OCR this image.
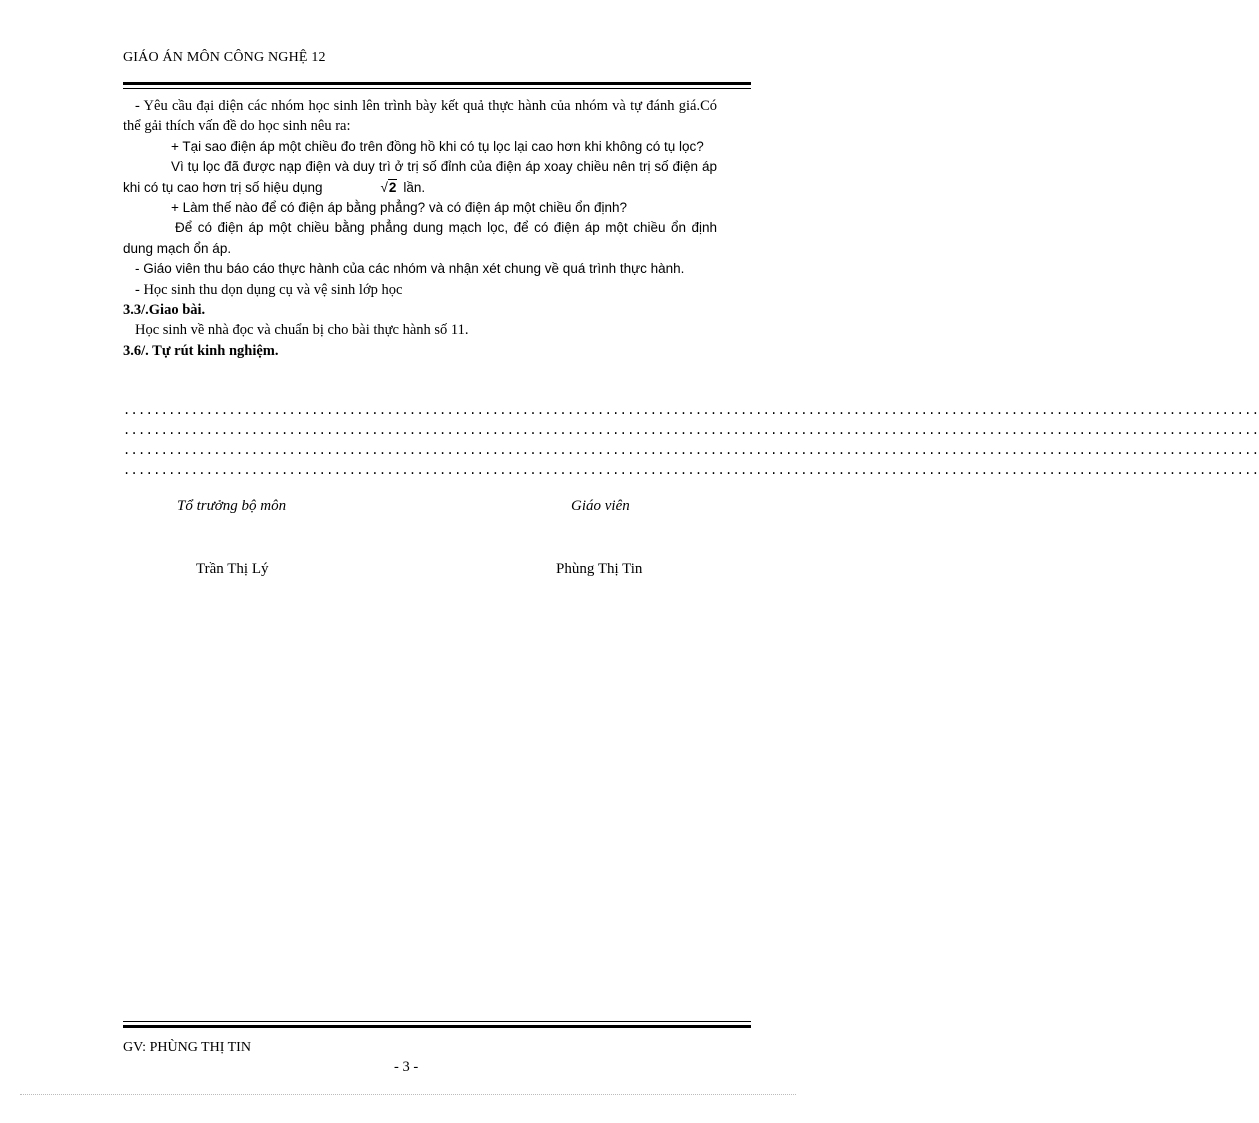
GIÁO ÁN MÔN CÔNG NGHỆ 12

- Yêu cầu đại diện các nhóm học sinh lên trình bày kết quả thực hành của nhóm và tự đánh giá.Có thể gải thích vấn đề do học sinh nêu ra:

+ Tại sao điện áp một chiều đo trên đồng hồ khi có tụ lọc lại cao hơn khi không có tụ lọc?

Vì tụ lọc đã được nạp điện và duy trì ở trị số đỉnh của điện áp xoay chiều nên trị số điện áp khi có tụ cao hơn trị số hiệu dụng	√2 lần.

+ Làm thế nào để có điện áp bằng phẳng? và có điện áp một chiều ổn định?

Để có điện áp một chiều bằng phẳng dung mạch lọc, để có điện áp một chiều ổn định dung mạch ổn áp.

- Giáo viên thu báo cáo thực hành của các nhóm và nhận xét chung về quá trình thực hành.

- Học sinh thu dọn dụng cụ và vệ sinh lớp học

3.3/.Giao bài.

Học sinh về nhà đọc và chuẩn bị cho bài thực hành số 11.

3.6/. Tự rút kinh nghiệm.

.......................................................................................................................................................
.......................................................................................................................................................
.......................................................................................................................................................
.......................................................................................................................................................
Tổ trưởng bộ môn	Giáo viên
Trần Thị Lý	Phùng Thị Tin
GV: PHÙNG THỊ TIN
- 3 -
